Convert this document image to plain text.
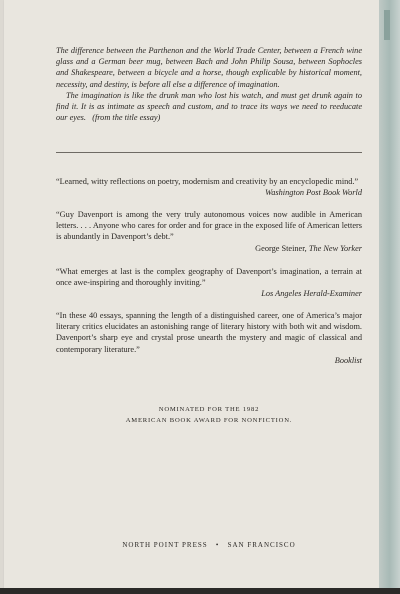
The difference between the Parthenon and the World Trade Center, between a French wine glass and a German beer mug, between Bach and John Philip Sousa, between Sophocles and Shakespeare, between a bicycle and a horse, though explicable by historical moment, necessity, and destiny, is before all else a difference of imagination.

The imagination is like the drunk man who lost his watch, and must get drunk again to find it. It is as intimate as speech and custom, and to trace its ways we need to reeducate our eyes. (from the title essay)

“Learned, witty reflections on poetry, modernism and creativity by an encyclopedic mind.”
Washington Post Book World
“Guy Davenport is among the very truly autonomous voices now audible in American letters. . . . Anyone who cares for order and for grace in the exposed life of American letters is abundantly in Davenport’s debt.”
George Steiner, The New Yorker
“What emerges at last is the complex geography of Davenport’s imagination, a terrain at once awe-inspiring and thoroughly inviting.”
Los Angeles Herald-Examiner
“In these 40 essays, spanning the length of a distinguished career, one of America’s major literary critics elucidates an astonishing range of literary history with both wit and wisdom. Davenport’s sharp eye and crystal prose unearth the mystery and magic of classical and contemporary literature.”
Booklist
NOMINATED FOR THE 1982
AMERICAN BOOK AWARD FOR NONFICTION.
NORTH POINT PRESS • SAN FRANCISCO
